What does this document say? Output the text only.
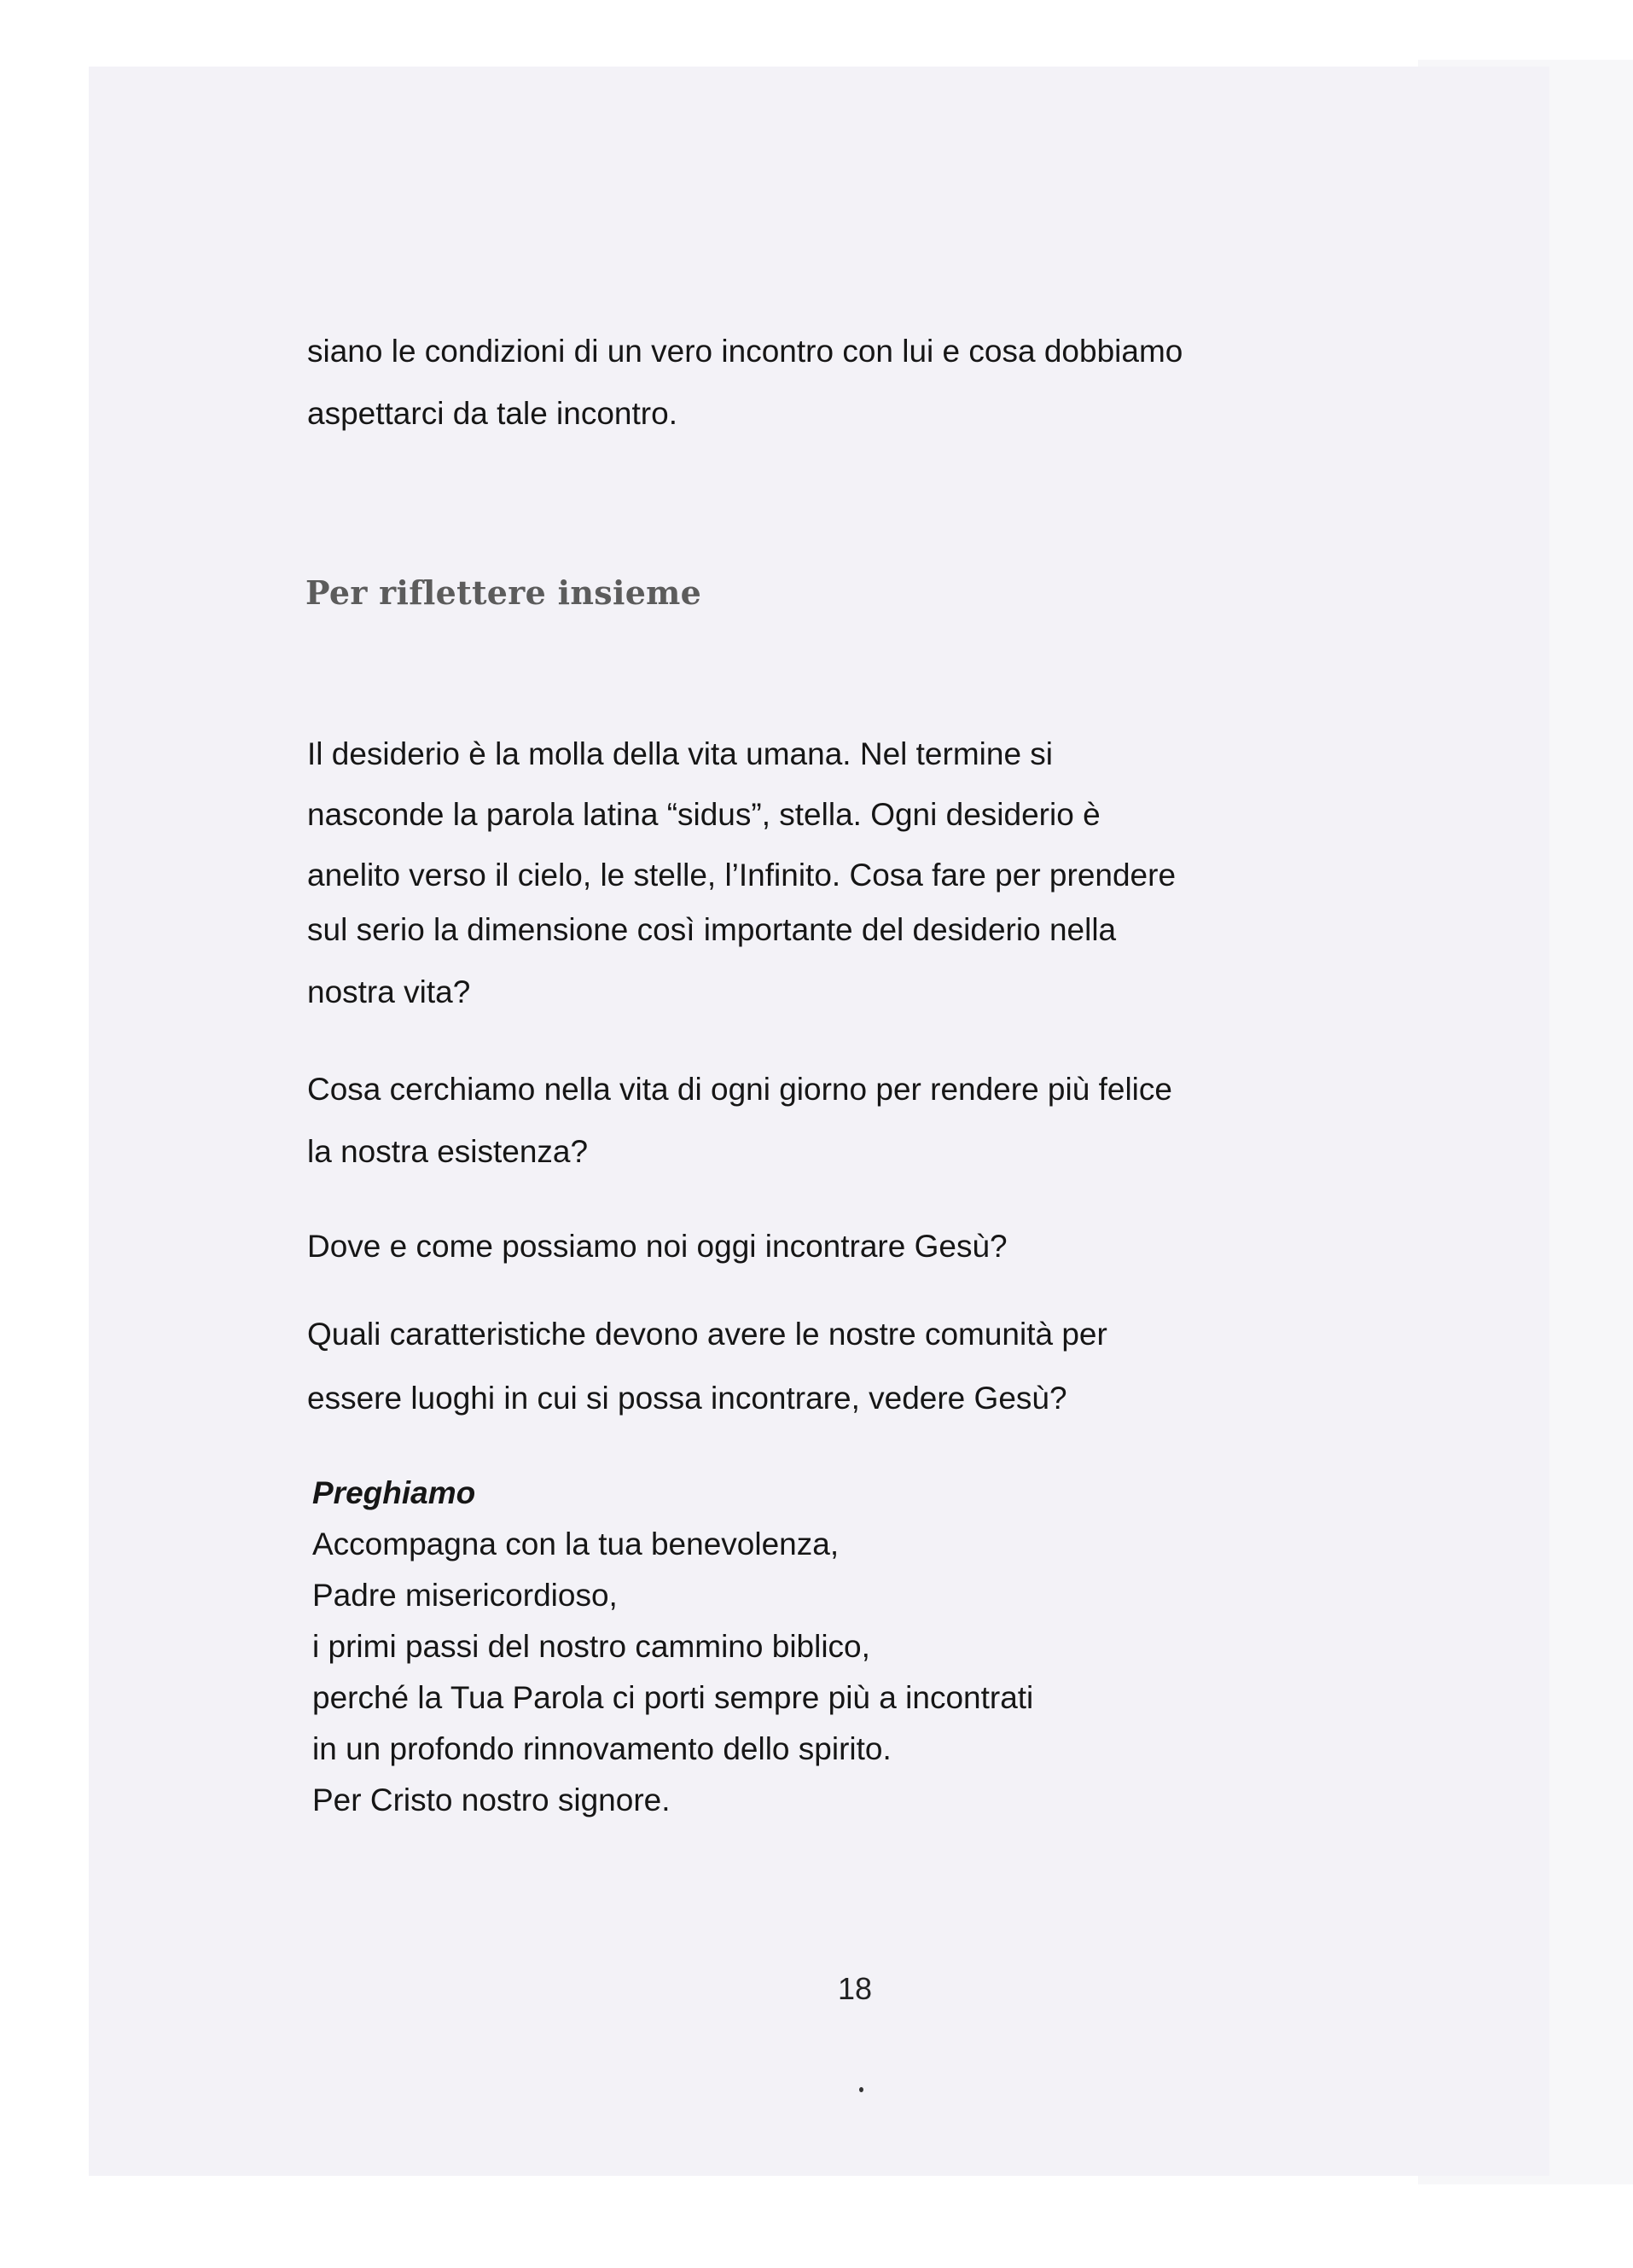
siano le condizioni di un vero incontro con lui e cosa dobbiamo

aspettarci da tale incontro.

Per riflettere insieme

Il desiderio è la molla della vita umana. Nel termine si

nasconde la parola latina “sidus”, stella. Ogni desiderio è

anelito verso il cielo, le stelle, l’Infinito. Cosa fare per prendere

sul serio la dimensione così importante del desiderio nella

nostra vita?

Cosa cerchiamo nella vita di ogni giorno per rendere più felice

la nostra esistenza?

Dove e come possiamo noi oggi incontrare Gesù?

Quali caratteristiche devono avere le nostre comunità per

essere luoghi in cui si possa incontrare, vedere Gesù?

Preghiamo

Accompagna con la tua benevolenza,

Padre misericordioso,

i primi passi del nostro cammino biblico,

perché la Tua Parola ci porti sempre più a incontrati

in un profondo rinnovamento dello spirito.

Per Cristo nostro signore.

18
